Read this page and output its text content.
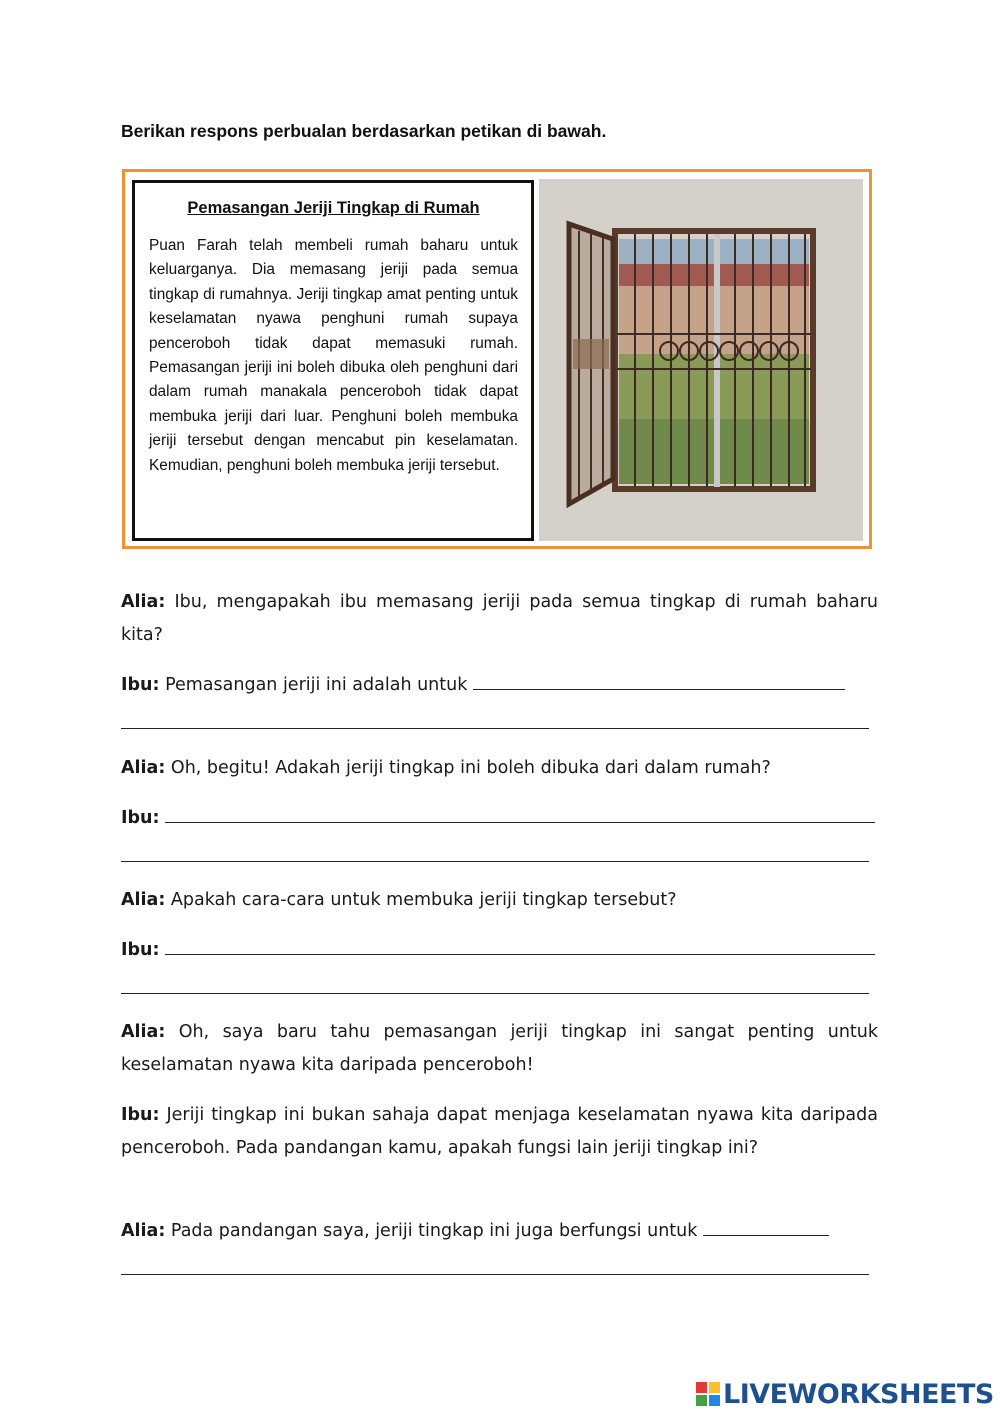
Berikan respons perbualan berdasarkan petikan di bawah.
Pemasangan Jeriji Tingkap di Rumah

Puan Farah telah membeli rumah baharu untuk keluarganya. Dia memasang jeriji pada semua tingkap di rumahnya. Jeriji tingkap amat penting untuk keselamatan nyawa penghuni rumah supaya penceroboh tidak dapat memasuki rumah. Pemasangan jeriji ini boleh dibuka oleh penghuni dari dalam rumah manakala penceroboh tidak dapat membuka jeriji dari luar. Penghuni boleh membuka jeriji tersebut dengan mencabut pin keselamatan. Kemudian, penghuni boleh membuka jeriji tersebut.

Alia: Ibu, mengapakah ibu memasang jeriji pada semua tingkap di rumah baharu kita?
Ibu: Pemasangan jeriji ini adalah untuk
Alia: Oh, begitu! Adakah jeriji tingkap ini boleh dibuka dari dalam rumah?
Ibu:
Alia: Apakah cara-cara untuk membuka jeriji tingkap tersebut?
Ibu:
Alia: Oh, saya baru tahu pemasangan jeriji tingkap ini sangat penting untuk keselamatan nyawa kita daripada penceroboh!
Ibu: Jeriji tingkap ini bukan sahaja dapat menjaga keselamatan nyawa kita daripada penceroboh. Pada pandangan kamu, apakah fungsi lain jeriji tingkap ini?
Alia: Pada pandangan saya, jeriji tingkap ini juga berfungsi untuk
LIVEWORKSHEETS
